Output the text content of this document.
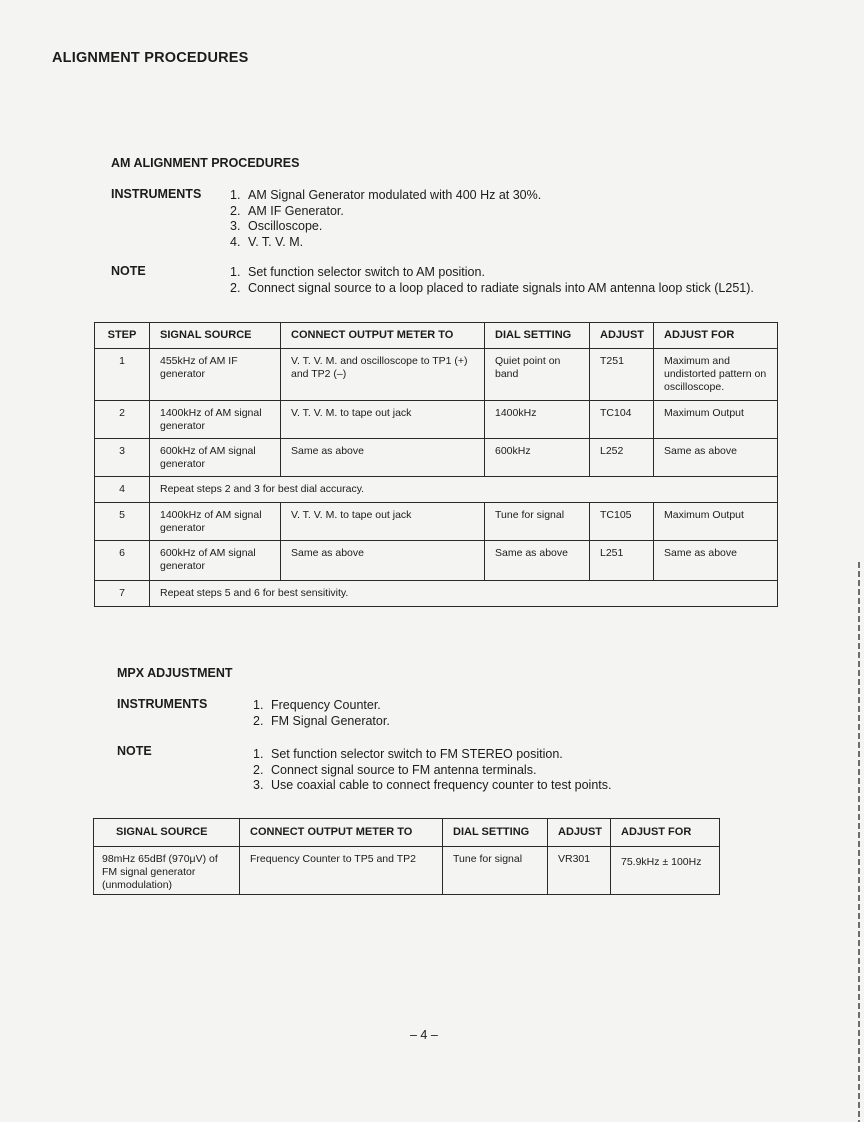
ALIGNMENT PROCEDURES
AM ALIGNMENT PROCEDURES
INSTRUMENTS 1. AM Signal Generator modulated with 400 Hz at 30%.
2. AM IF Generator.
3. Oscilloscope.
4. V. T. V. M.
NOTE	1. Set function selector switch to AM position.
2. Connect signal source to a loop placed to radiate signals into AM antenna loop stick (L251).
STEP	SIGNAL SOURCE	CONNECT OUTPUT METER TO	DIAL SETTING	ADJUST	ADJUST FOR

1	455kHz of AM IF generator	V. T. V. M. and oscilloscope to TP1 (+) and TP2 (–)	Quiet point on band	T251	Maximum and undistorted pattern on oscilloscope.

2	1400kHz of AM signal generator	V. T. V. M. to tape out jack	1400kHz	TC104	Maximum Output

3	600kHz of AM signal generator	Same as above	600kHz	L252	Same as above

4	Repeat steps 2 and 3 for best dial accuracy.				

5	1400kHz of AM signal generator	V. T. V. M. to tape out jack	Tune for signal	TC105	Maximum Output

6	600kHz of AM signal generator	Same as above	Same as above	L251	Same as above

7	Repeat steps 5 and 6 for best sensitivity.				
MPX ADJUSTMENT
INSTRUMENTS	1. Frequency Counter.
2. FM Signal Generator.
NOTE	1. Set function selector switch to FM STEREO position.
2. Connect signal source to FM antenna terminals.
3. Use coaxial cable to connect frequency counter to test points.
SIGNAL SOURCE	CONNECT OUTPUT METER TO	DIAL SETTING	ADJUST	ADJUST FOR

98mHz 65dBf (970μV) of FM signal generator (unmodulation)	Frequency Counter to TP5 and TP2	Tune for signal	VR301	75.9kHz ± 100Hz
– 4 –
